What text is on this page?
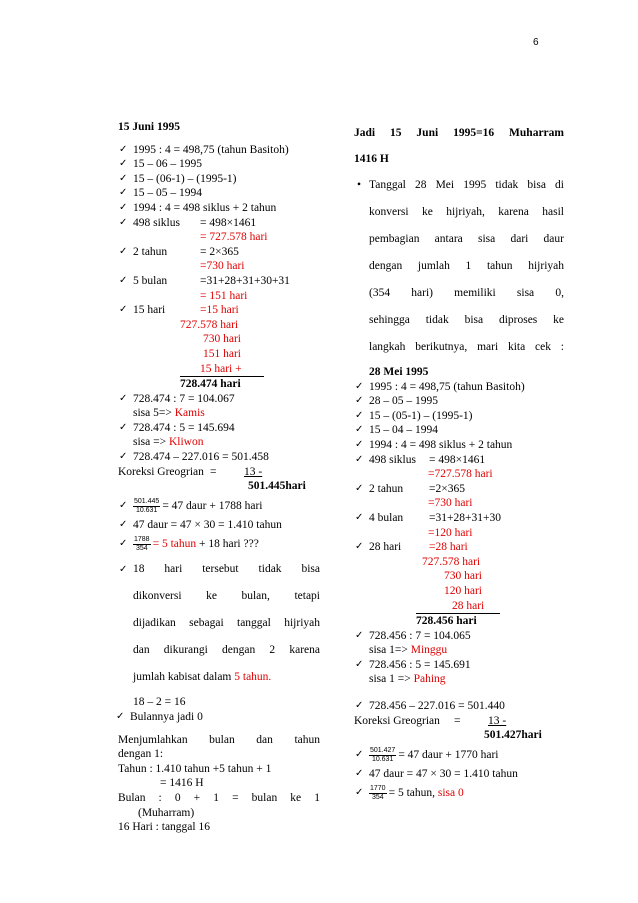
6
15 Juni 1995
✓ 1995 : 4 = 498,75 (tahun Basitoh)
✓ 15 – 06 – 1995
✓ 15 – (06-1) – (1995-1)
✓ 15 – 05 – 1994
✓ 1994 : 4 = 498 siklus + 2 tahun
✓ 498 siklus = 498×1461
= 727.578 hari
✓ 2 tahun	= 2×365
=730 hari
✓ 5 bulan	=31+28+31+30+31
= 151 hari
✓ 15 hari	=15 hari
727.578 hari
730 hari
151 hari
15 hari +
728.474 hari
✓ 728.474 : 7 = 104.067
sisa 5=> Kamis
✓ 728.474 : 5 = 145.694
sisa => Kliwon
✓ 728.474 – 227.016 = 501.458
Koreksi Greogrian = 13 -
501.445hari
✓ $\frac{501.445}{10.631} = 47$ daur + 1788 hari
✓ 47 daur = 47 × 30 = 1.410 tahun
✓ $\frac{1788}{354} = 5$ tahun + 18 hari ???
✓ 18 hari tersebut tidak bisa
dikonversi ke bulan, tetapi
dijadikan sebagai tanggal hijriyah
dan dikurangi dengan 2 karena
jumlah kabisat dalam 5 tahun.
18 – 2 = 16
✓ Bulannya jadi 0
Menjumlahkan bulan dan tahun
dengan 1:
Tahun : 1.410 tahun +5 tahun + 1
= 1416 H
Bulan : 0 + 1 = bulan ke 1
(Muharram)
16 Hari : tanggal 16
Jadi 15 Juni 1995=16 Muharram
1416 H
• Tanggal 28 Mei 1995 tidak bisa di
konversi ke hijriyah, karena hasil
pembagian antara sisa dari daur
dengan jumlah 1 tahun hijriyah
(354 hari) memiliki sisa 0,
sehingga tidak bisa diproses ke
langkah berikutnya, mari kita cek :
28 Mei 1995
✓ 1995 : 4 = 498,75 (tahun Basitoh)
✓ 28 – 05 – 1995
✓ 15 – (05-1) – (1995-1)
✓ 15 – 04 – 1994
✓ 1994 : 4 = 498 siklus + 2 tahun
✓ 498 siklus = 498×1461
=727.578 hari
✓ 2 tahun =2×365
=730 hari
✓ 4 bulan =31+28+31+30
=120 hari
✓ 28 hari =28 hari
727.578 hari
730 hari
120 hari
28 hari
728.456 hari
✓ 728.456 : 7 = 104.065
sisa 1=> Minggu
✓ 728.456 : 5 = 145.691
sisa 1 => Pahing
✓ 728.456 – 227.016 = 501.440
Koreksi Greogrian = 13 -
501.427hari
✓ $\frac{501.427}{10.631} = 47$ daur + 1770 hari
✓ 47 daur = 47 × 30 = 1.410 tahun
✓ $\frac{1770}{354} = 5$ tahun, sisa 0
